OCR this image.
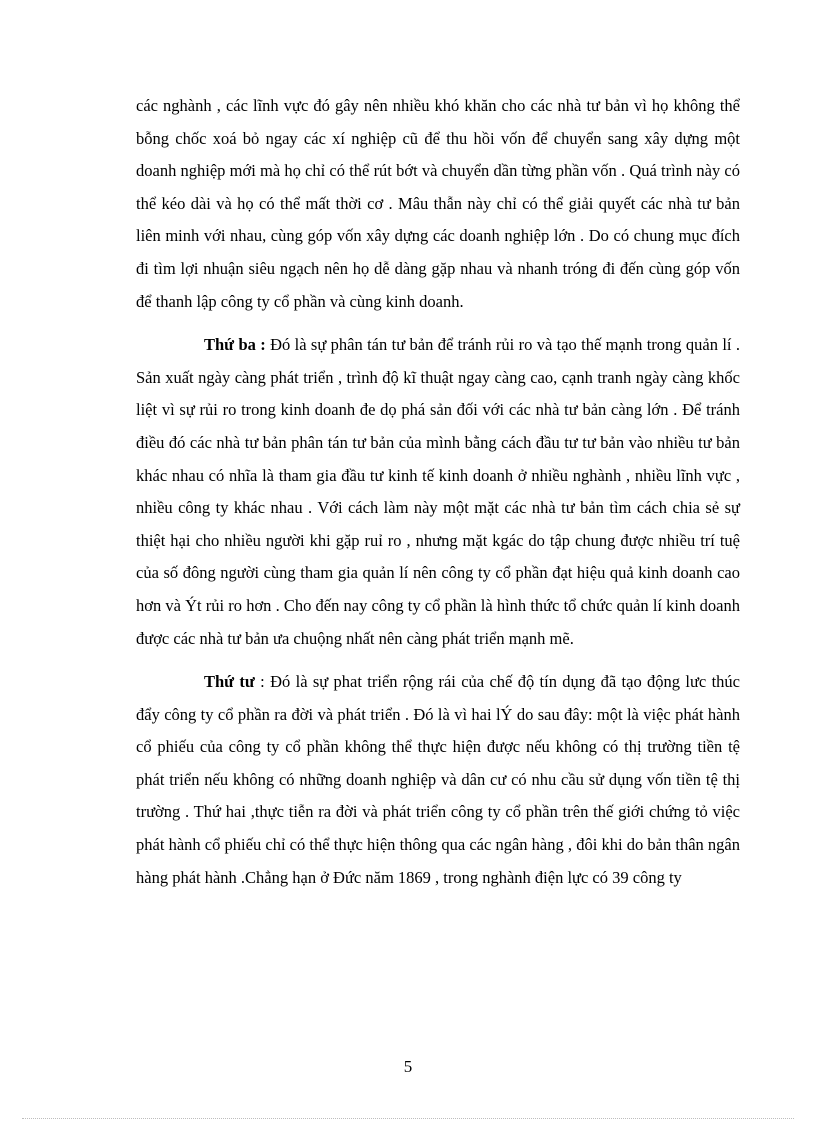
các nghành , các lĩnh vực đó gây nên nhiều khó khăn cho các nhà tư bản vì họ không thể bỗng chốc xoá bỏ ngay các xí nghiệp cũ để thu hồi vốn để chuyển sang xây dựng một doanh nghiệp mới mà họ chỉ có thể rút bớt và chuyển dần từng phần vốn . Quá trình này có thể kéo dài và họ có thể mất thời cơ . Mâu thẫn này chỉ có thể giải quyết các nhà tư bản liên minh với nhau, cùng góp vốn xây dựng các doanh nghiệp lớn . Do có chung mục đích đi tìm lợi nhuận siêu ngạch nên họ dễ dàng gặp nhau và nhanh tróng đi đến cùng góp vốn để thanh lập công ty cổ phần và cùng kinh doanh.

Thứ ba : Đó là sự phân tán tư bản để tránh rủi ro và tạo thế mạnh trong quản lí . Sản xuất ngày càng phát triển , trình độ kĩ thuật ngay càng cao, cạnh tranh ngày càng khốc liệt vì sự rủi ro trong kinh doanh đe dọ phá sản đối với các nhà tư bản càng lớn . Để tránh điều đó các nhà tư bản phân tán tư bản của mình bằng cách đầu tư tư bản vào nhiều tư bản khác nhau có nhĩa là tham gia đầu tư kinh tế kinh doanh ở nhiều nghành , nhiều lĩnh vực , nhiều công ty khác nhau . Với cách làm này một mặt các nhà tư bản tìm cách chia sẻ sự thiệt hại cho nhiều người khi gặp ruỉ ro , nhưng mặt kgác do tập chung được nhiều trí tuệ của số đông người cùng tham gia quản lí nên công ty cổ phần đạt hiệu quả kinh doanh cao hơn và Ýt rủi ro hơn . Cho đến nay công ty cổ phần là hình thức tổ chức quản lí kinh doanh được các nhà tư bản ưa chuộng nhất nên càng phát triển mạnh mẽ.

Thứ tư : Đó là sự phat triển rộng rái của chế độ tín dụng đã tạo động lưc thúc đẩy công ty cổ phần ra đời và phát triển . Đó là vì hai lÝ do sau đây: một là việc phát hành cổ phiếu của công ty cổ phần không thể thực hiện được nếu không có thị trường tiền tệ phát triển nếu không có những doanh nghiệp và dân cư có nhu cầu sử dụng vốn tiền tệ thị trường . Thứ hai ,thực tiễn ra đời và phát triển công ty cổ phần trên thế giới chứng tỏ việc phát hành cổ phiếu chỉ có thể thực hiện thông qua các ngân hàng , đôi khi do bản thân ngân hàng phát hành .Chẳng hạn ở Đức năm 1869 , trong nghành điện lực có 39 công ty

5
